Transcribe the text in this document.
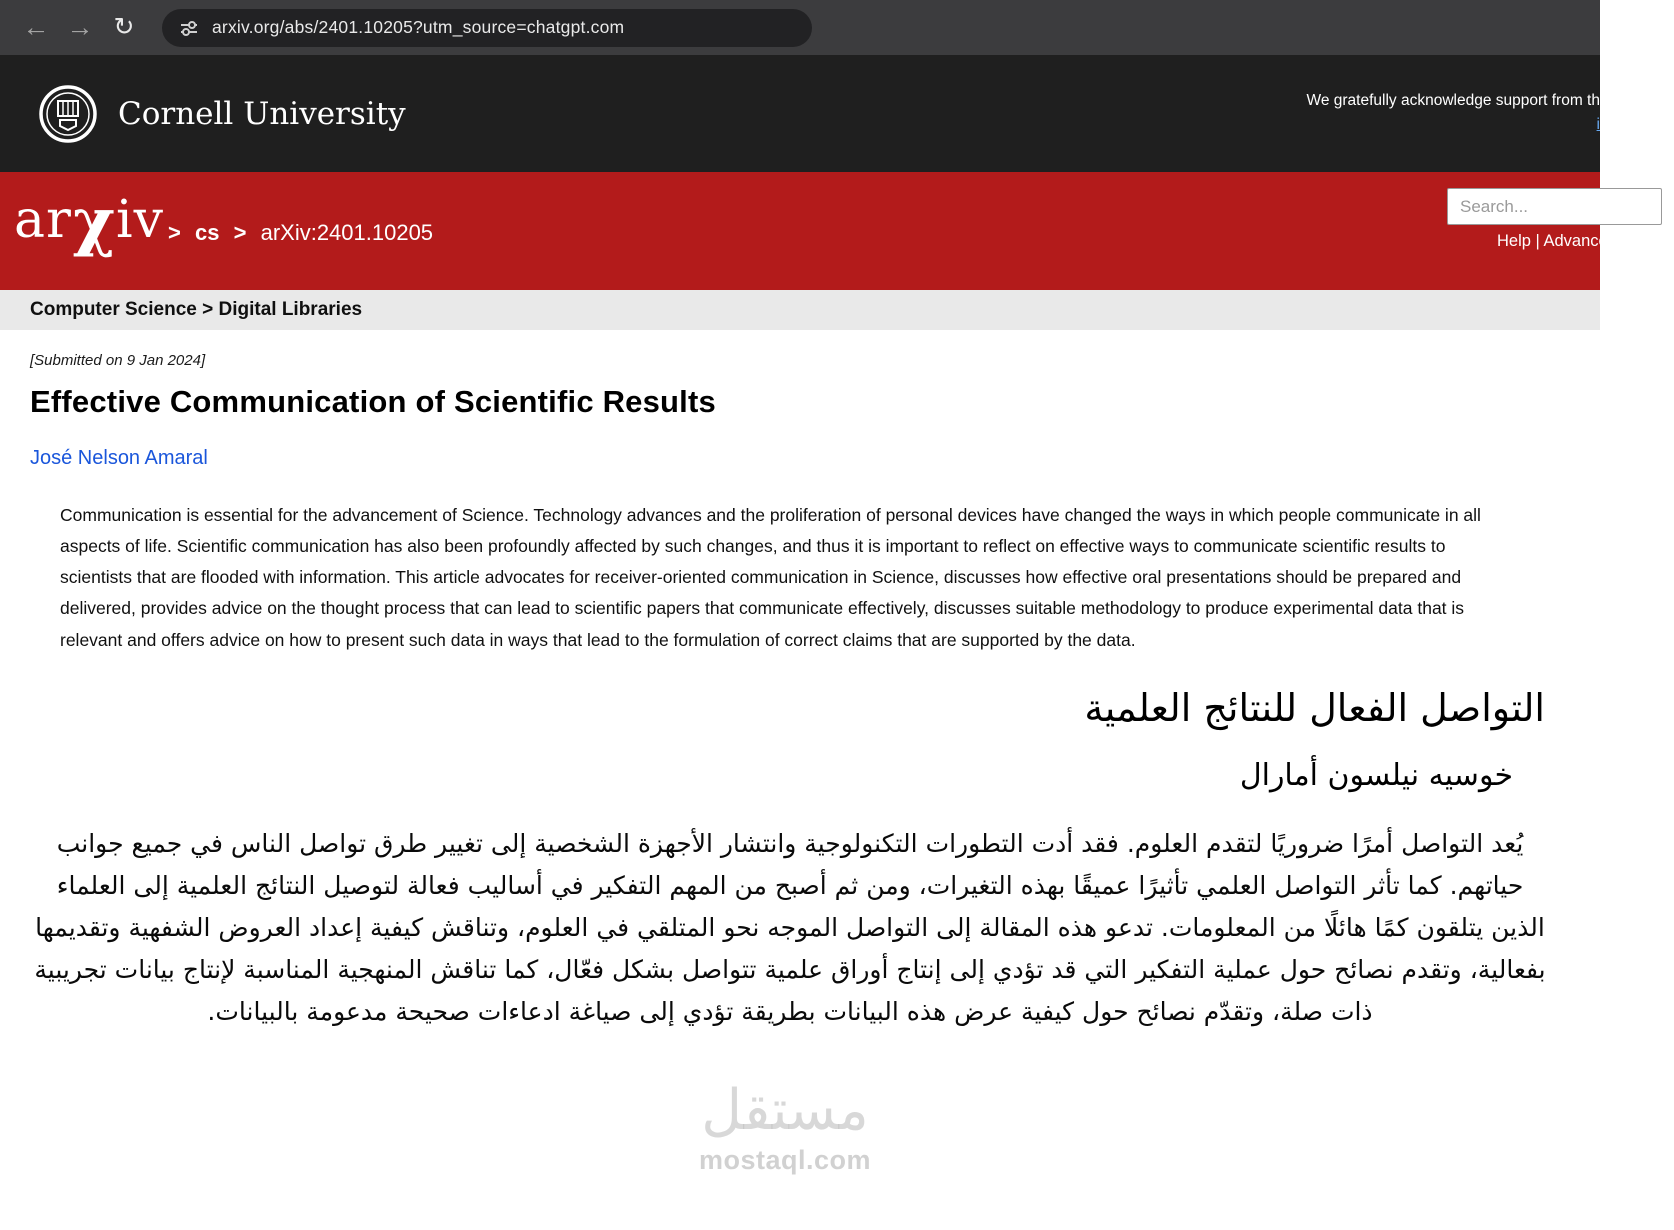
← → ↻	arxiv.org/abs/2401.10205?utm_source=chatgpt.com
Cornell University	We gratefully acknowledge support from th
i
ar χ iv > cs > arXiv:2401.10205
Search...	Help | Advanced Search
Computer Science > Digital Libraries
[Submitted on 9 Jan 2024]
Effective Communication of Scientific Results
José Nelson Amaral

Communication is essential for the advancement of Science. Technology advances and the proliferation of personal devices have changed the ways in which people communicate in all aspects of life. Scientific communication has also been profoundly affected by such changes, and thus it is important to reflect on effective ways to communicate scientific results to scientists that are flooded with information. This article advocates for receiver-oriented communication in Science, discusses how effective oral presentations should be prepared and delivered, provides advice on the thought process that can lead to scientific papers that communicate effectively, discusses suitable methodology to produce experimental data that is relevant and offers advice on how to present such data in ways that lead to the formulation of correct claims that are supported by the data.

التواصل الفعال للنتائج العلمية
خوسيه نيلسون أمارال

يُعد التواصل أمرًا ضروريًا لتقدم العلوم. فقد أدت التطورات التكنولوجية وانتشار الأجهزة الشخصية إلى تغيير طرق تواصل الناس في جميع جوانب حياتهم. كما تأثر التواصل العلمي تأثيرًا عميقًا بهذه التغيرات، ومن ثم أصبح من المهم التفكير في أساليب فعالة لتوصيل النتائج العلمية إلى العلماء الذين يتلقون كمًا هائلًا من المعلومات. تدعو هذه المقالة إلى التواصل الموجه نحو المتلقي في العلوم، وتناقش كيفية إعداد العروض الشفهية وتقديمها بفعالية، وتقدم نصائح حول عملية التفكير التي قد تؤدي إلى إنتاج أوراق علمية تتواصل بشكل فعّال، كما تناقش المنهجية المناسبة لإنتاج بيانات تجريبية ذات صلة، وتقدّم نصائح حول كيفية عرض هذه البيانات بطريقة تؤدي إلى صياغة ادعاءات صحيحة مدعومة بالبيانات.

مستقل
mostaql.com
